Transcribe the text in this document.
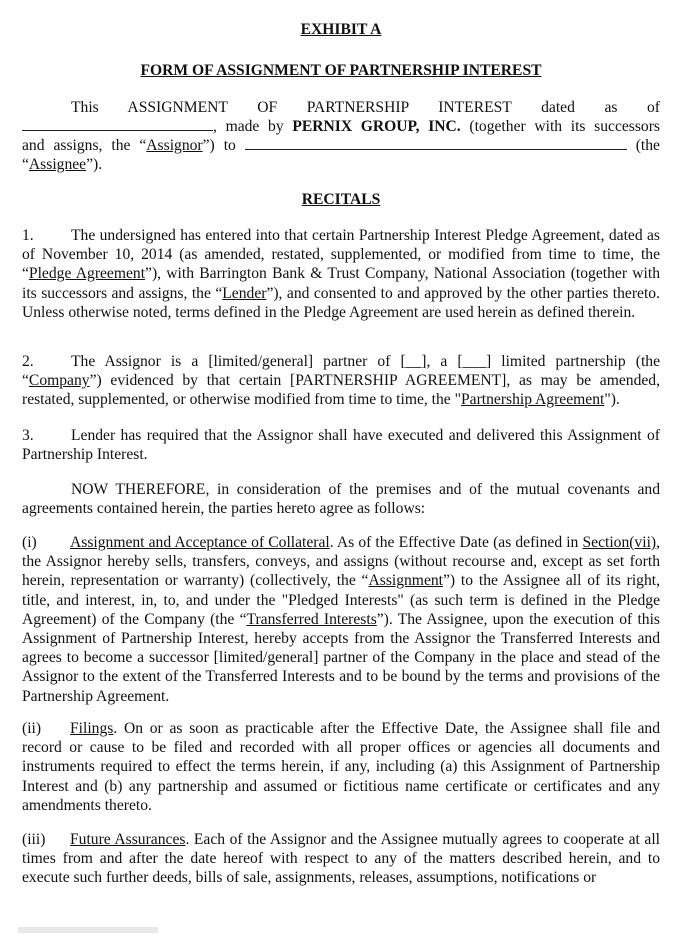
EXHIBIT A
FORM OF ASSIGNMENT OF PARTNERSHIP INTEREST

This ASSIGNMENT OF PARTNERSHIP INTEREST dated as of

, made by PERNIX GROUP, INC. (together with its successors

and assigns, the “Assignor”) to	(the

“Assignee”).

RECITALS

1. The undersigned has entered into that certain Partnership Interest Pledge Agreement, dated as of November 10, 2014 (as amended, restated, supplemented, or modified from time to time, the “Pledge Agreement”), with Barrington Bank & Trust Company, National Association (together with its successors and assigns, the “Lender”), and consented to and approved by the other parties thereto. Unless otherwise noted, terms defined in the Pledge Agreement are used herein as defined therein.

2. The Assignor is a [limited/general] partner of [__], a [___] limited partnership (the “Company”) evidenced by that certain [PARTNERSHIP AGREEMENT], as may be amended, restated, supplemented, or otherwise modified from time to time, the "Partnership Agreement").

3. Lender has required that the Assignor shall have executed and delivered this Assignment of Partnership Interest.

NOW THEREFORE, in consideration of the premises and of the mutual covenants and agreements contained herein, the parties hereto agree as follows:

(i) Assignment and Acceptance of Collateral. As of the Effective Date (as defined in Section(vii), the Assignor hereby sells, transfers, conveys, and assigns (without recourse and, except as set forth herein, representation or warranty) (collectively, the “Assignment”) to the Assignee all of its right, title, and interest, in, to, and under the "Pledged Interests" (as such term is defined in the Pledge Agreement) of the Company (the “Transferred Interests”). The Assignee, upon the execution of this Assignment of Partnership Interest, hereby accepts from the Assignor the Transferred Interests and agrees to become a successor [limited/general] partner of the Company in the place and stead of the Assignor to the extent of the Transferred Interests and to be bound by the terms and provisions of the Partnership Agreement.

(ii) Filings. On or as soon as practicable after the Effective Date, the Assignee shall file and record or cause to be filed and recorded with all proper offices or agencies all documents and instruments required to effect the terms herein, if any, including (a) this Assignment of Partnership Interest and (b) any partnership and assumed or fictitious name certificate or certificates and any amendments thereto.

(iii) Future Assurances. Each of the Assignor and the Assignee mutually agrees to cooperate at all times from and after the date hereof with respect to any of the matters described herein, and to execute such further deeds, bills of sale, assignments, releases, assumptions, notifications or
